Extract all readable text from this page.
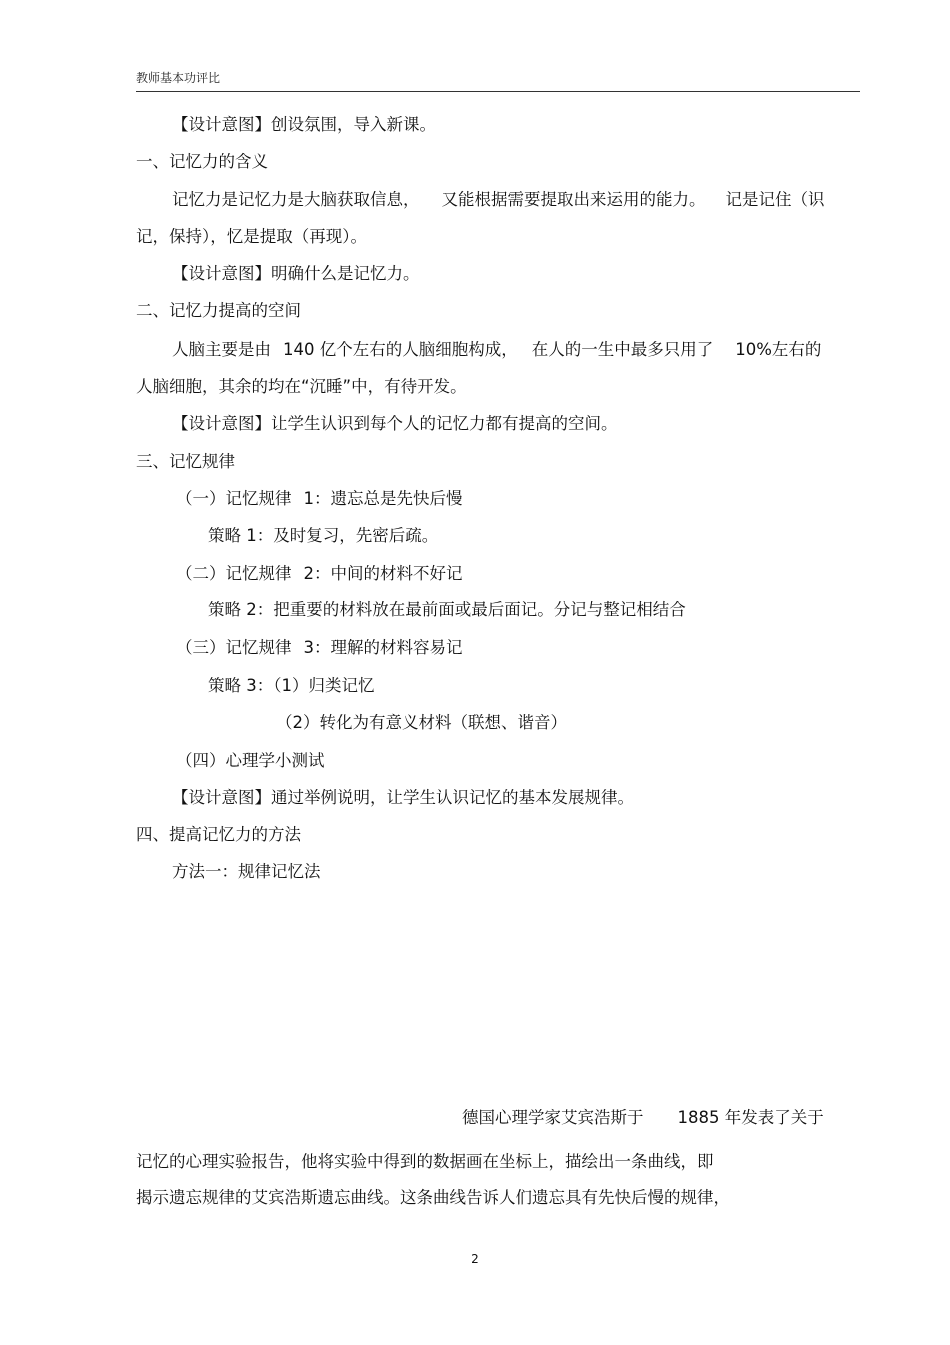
教师基本功评比
【设计意图】创设氛围，导入新课。
一、记忆力的含义
记忆力是记忆力是大脑获取信息， 又能根据需要提取出来运用的能力。 记是记住（识
记，保持），忆是提取（再现）。
【设计意图】明确什么是记忆力。
二、记忆力提高的空间
人脑主要是由 140 亿个左右的人脑细胞构成， 在人的一生中最多只用了 10%左右的
人脑细胞，其余的均在“沉睡”中，有待开发。
【设计意图】让学生认识到每个人的记忆力都有提高的空间。
三、记忆规律
（一）记忆规律 1：遗忘总是先快后慢
策略 1：及时复习，先密后疏。
（二）记忆规律 2：中间的材料不好记
策略 2：把重要的材料放在最前面或最后面记。分记与整记相结合
（三）记忆规律 3：理解的材料容易记
策略 3：（1）归类记忆
（2）转化为有意义材料（联想、谐音）
（四）心理学小测试
【设计意图】通过举例说明，让学生认识记忆的基本发展规律。
四、提高记忆力的方法
方法一：规律记忆法
德国心理学家艾宾浩斯于 1885 年发表了关于
记忆的心理实验报告，他将实验中得到的数据画在坐标上，描绘出一条曲线，即
揭示遗忘规律的艾宾浩斯遗忘曲线。这条曲线告诉人们遗忘具有先快后慢的规律，
2
